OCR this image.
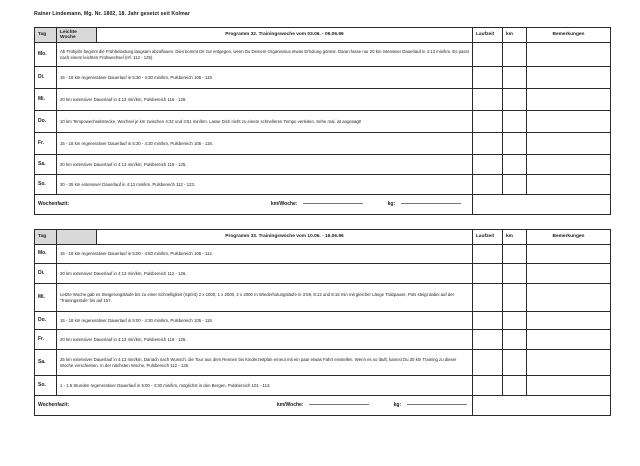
Rainer Lindemann, Mg. Nr. 1802, 18. Jahr gesetzt seit Kolmar
Tag	Leichte Woche	Programm 32. Trainingswoche vom 03.06. - 09.06.96	Laufzeit	km	Bemerkungen
Mo.	Ab Frühjahr beginnt die Frühbelastung langsam abzuflauen. Dies kommt Dir zur entgegen, wenn Du Deinem Organismus etwas Erholung gönnst. Daran fasse nur 20 km intensiver Dauerlauf in 4:13 min/km. Es passt nach einem leichten Frühwechsel (Hf. 113 - 125).				
Di.	15 - 18 km regenerativer Dauerlauf in 5:30 - 4:30 min/km, Pulsbereich 105 - 119.				
Mi.	20 km extensiver Dauerlauf in 4:13 min/km, Pulsbereich 116 - 129.				
Do.	10 km Tempowechselstrecke, Wechsel je km zwischen 4:32 und 3:51 min/km. Lasse Dich nicht zu einem schnelleren Tempo verleiten. Sehe mal, ist angesagt!				
Fr.	15 - 18 km regenerativer Dauerlauf in 5:30 - 4:30 min/km, Pulsbereich 105 - 119.				
Sa.	20 km extensiver Dauerlauf in 4:13 min/km, Pulsbereich 119 - 125.				
So.	30 - 35 km extensiver Dauerlauf in 4:13 min/km, Pulsbereich 112 - 123.				
Wochenfazit:		km/Woche: kg:			
Tag		Programm 33. Trainingswoche vom 10.06. - 16.06.96	Laufzeit	km	Bemerkungen
Mo.	15 - 18 km regenerativer Dauerlauf in 5:00 - 4:50 min/km, Pulsbereich 105 - 112.				
Di.	20 km extensiver Dauerlauf in 4:13 min/km, Pulsbereich 112 - 126.				
Mi.	Letzte Woche gab es Steigerungsläufe bis zu einer Schnelligkeit (Sprint) 2 x 1000, 1 x 2000, 2 x 2000 m Wiederholungsläufe in 3:59, 8:12 und 8:15 min mit gleicher Länge Trabpause, Puls steigt dabei auf der 'Trainingsstufe' bis auf 157.				
Do.	15 - 18 km regenerativer Dauerlauf in 5:00 - 4:30 min/km, Pulsbereich 105 - 119.				
Fr.	20 km extensiver Dauerlauf in 4:13 min/km, Pulsbereich 119 - 125.				
Sa.	25 km extensiver Dauerlauf in 4:13 min/km. Danach nach Wunsch, die Tour aus dem Rennen bis Kinderzeitplan erneut mit ein paar etwas Fahrt einstellen. Wenn es so läuft, kannst Du 30 km Training zu dieser Woche verschieben. In der nächsten Woche, Pulsbereich 112 - 125.				
So.	1 - 1.5 Stunden regenerativer Dauerlauf in 5:00 - 4:30 min/km, möglichst in den Bergen, Pulsbereich 101 - 113.				
Wochenfazit:		km/Woche: kg:			
